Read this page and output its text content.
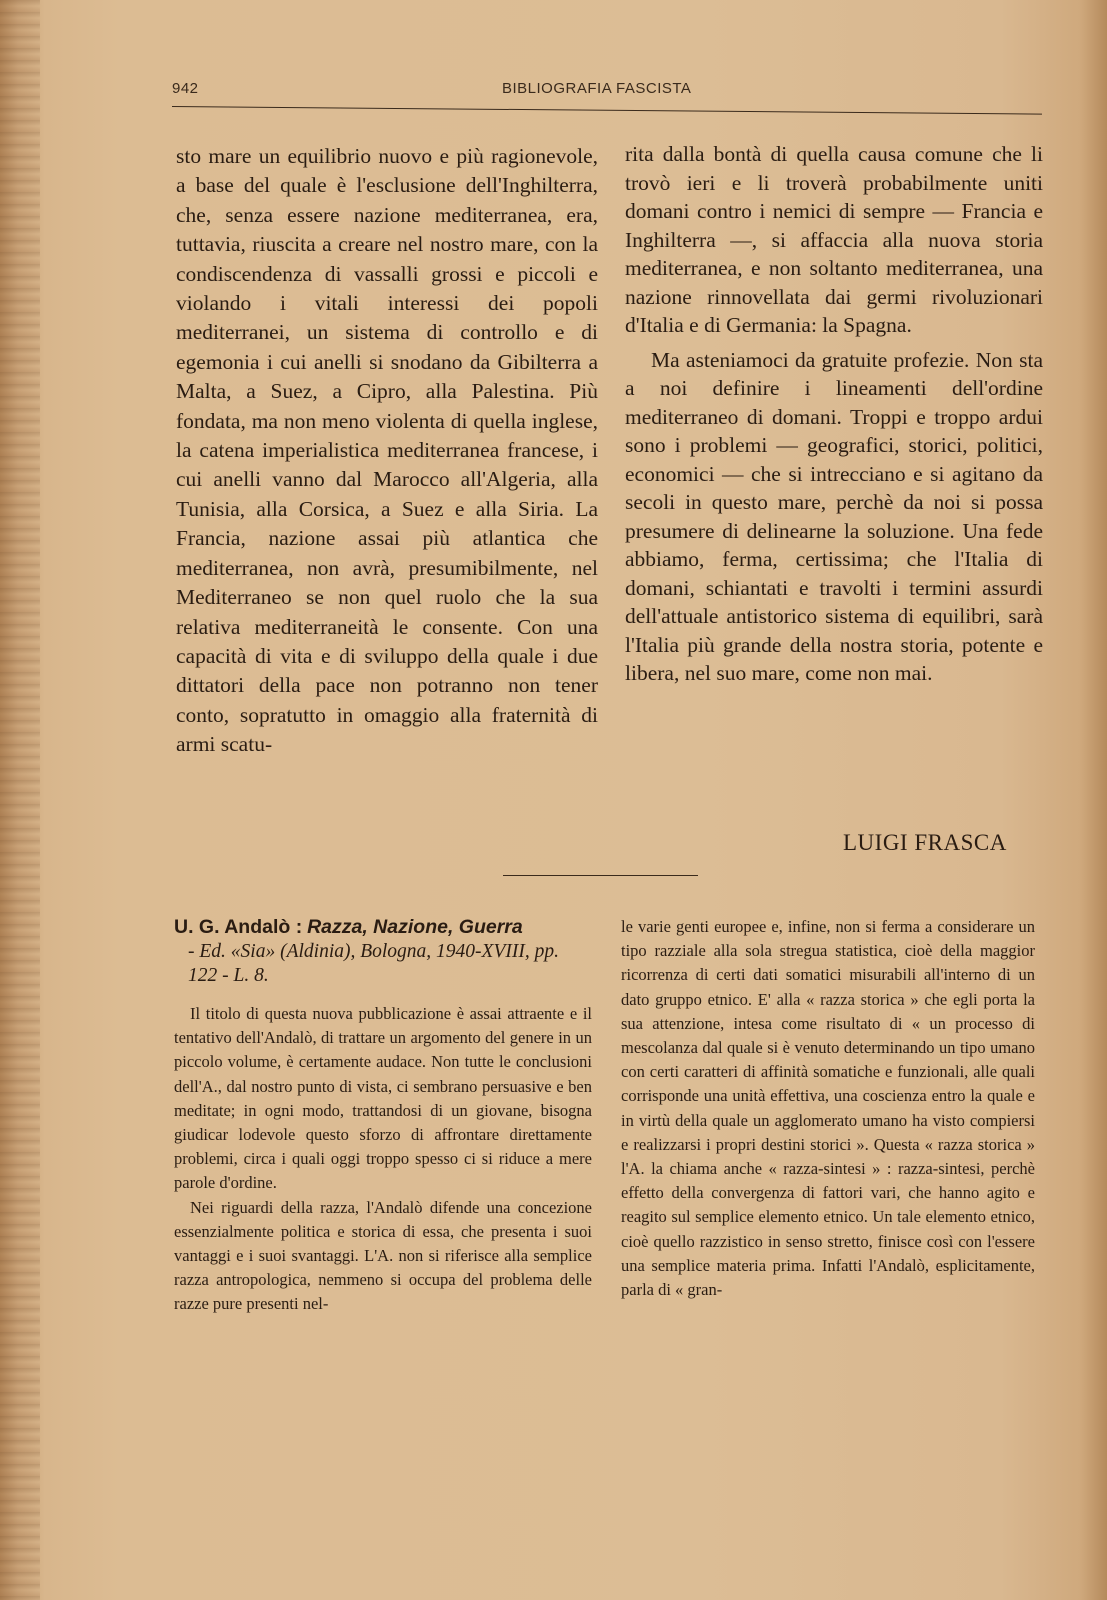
942	BIBLIOGRAFIA FASCISTA

sto mare un equilibrio nuovo e più ragionevole, a base del quale è l'esclusione dell'Inghilterra, che, senza essere nazione mediterranea, era, tuttavia, riuscita a creare nel nostro mare, con la condiscendenza di vassalli grossi e piccoli e violando i vitali interessi dei popoli mediterranei, un sistema di controllo e di egemonia i cui anelli si snodano da Gibilterra a Malta, a Suez, a Cipro, alla Palestina. Più fondata, ma non meno violenta di quella inglese, la catena imperialistica mediterranea francese, i cui anelli vanno dal Marocco all'Algeria, alla Tunisia, alla Corsica, a Suez e alla Siria. La Francia, nazione assai più atlantica che mediterranea, non avrà, presumibilmente, nel Mediterraneo se non quel ruolo che la sua relativa mediterraneità le consente. Con una capacità di vita e di sviluppo della quale i due dittatori della pace non potranno non tener conto, sopratutto in omaggio alla fraternità di armi scatu-

rita dalla bontà di quella causa comune che li trovò ieri e li troverà probabilmente uniti domani contro i nemici di sempre — Francia e Inghilterra —, si affaccia alla nuova storia mediterranea, e non soltanto mediterranea, una nazione rinnovellata dai germi rivoluzionari d'Italia e di Germania: la Spagna.

Ma asteniamoci da gratuite profezie. Non sta a noi definire i lineamenti dell'ordine mediterraneo di domani. Troppi e troppo ardui sono i problemi — geografici, storici, politici, economici — che si intrecciano e si agitano da secoli in questo mare, perchè da noi si possa presumere di delinearne la soluzione. Una fede abbiamo, ferma, certissima; che l'Italia di domani, schiantati e travolti i termini assurdi dell'attuale antistorico sistema di equilibri, sarà l'Italia più grande della nostra storia, potente e libera, nel suo mare, come non mai.

LUIGI FRASCA
U. G. Andalò : Razza, Nazione, Guerra
- Ed. «Sia» (Aldinia), Bologna, 1940-XVIII, pp. 122 - L. 8.

Il titolo di questa nuova pubblicazione è assai attraente e il tentativo dell'Andalò, di trattare un argomento del genere in un piccolo volume, è certamente audace. Non tutte le conclusioni dell'A., dal nostro punto di vista, ci sembrano persuasive e ben meditate; in ogni modo, trattandosi di un giovane, bisogna giudicar lodevole questo sforzo di affrontare direttamente problemi, circa i quali oggi troppo spesso ci si riduce a mere parole d'ordine.

Nei riguardi della razza, l'Andalò difende una concezione essenzialmente politica e storica di essa, che presenta i suoi vantaggi e i suoi svantaggi. L'A. non si riferisce alla semplice razza antropologica, nemmeno si occupa del problema delle razze pure presenti nel-

le varie genti europee e, infine, non si ferma a considerare un tipo razziale alla sola stregua statistica, cioè della maggior ricorrenza di certi dati somatici misurabili all'interno di un dato gruppo etnico. E' alla « razza storica » che egli porta la sua attenzione, intesa come risultato di « un processo di mescolanza dal quale si è venuto determinando un tipo umano con certi caratteri di affinità somatiche e funzionali, alle quali corrisponde una unità effettiva, una coscienza entro la quale e in virtù della quale un agglomerato umano ha visto compiersi e realizzarsi i propri destini storici ». Questa « razza storica » l'A. la chiama anche « razza-sintesi » : razza-sintesi, perchè effetto della convergenza di fattori vari, che hanno agito e reagito sul semplice elemento etnico. Un tale elemento etnico, cioè quello razzistico in senso stretto, finisce così con l'essere una semplice materia prima. Infatti l'Andalò, esplicitamente, parla di « gran-
